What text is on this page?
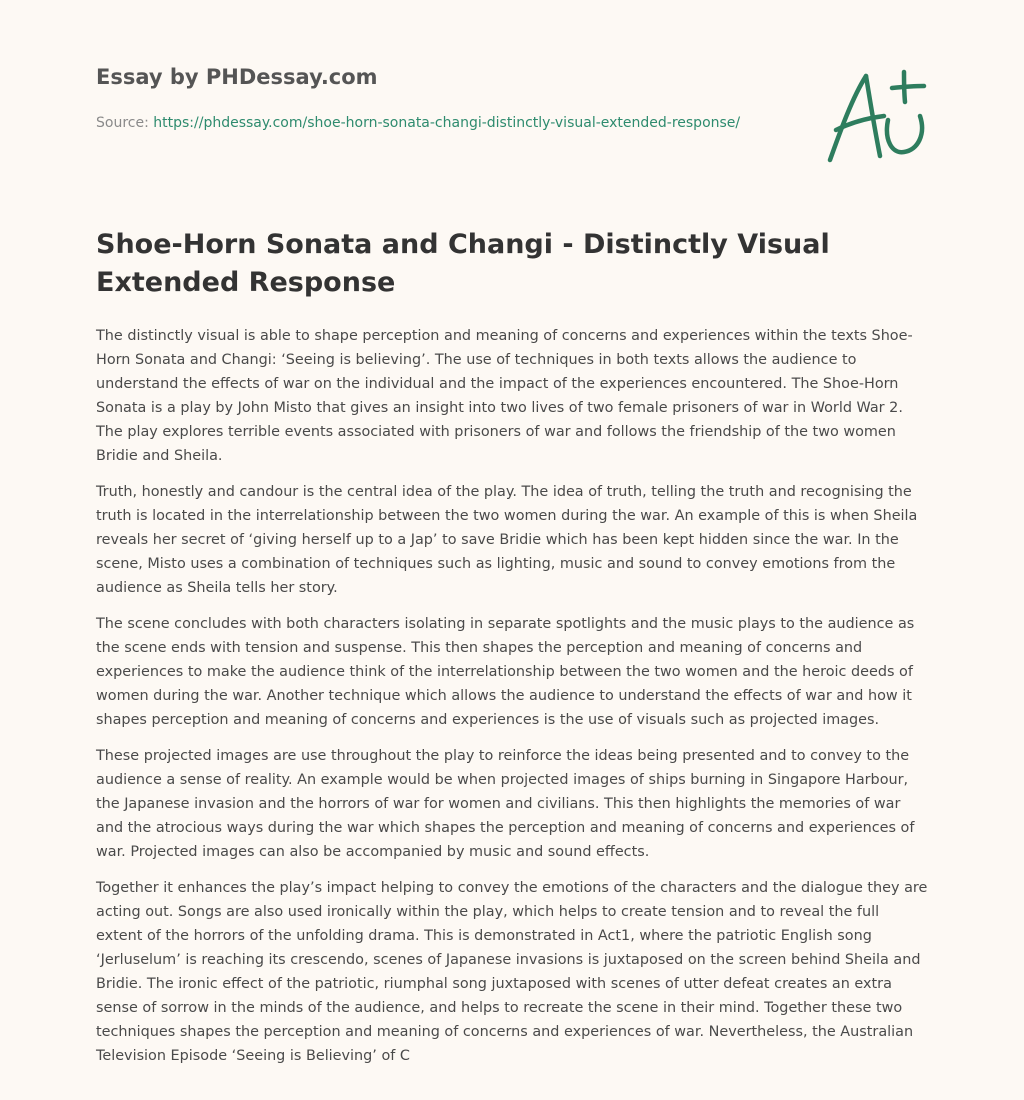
Essay by PHDessay.com
Source: https://phdessay.com/shoe-horn-sonata-changi-distinctly-visual-extended-response/
Shoe-Horn Sonata and Changi - Distinctly Visual Extended Response

The distinctly visual is able to shape perception and meaning of concerns and experiences within the texts Shoe-Horn Sonata and Changi: ‘Seeing is believing’. The use of techniques in both texts allows the audience to understand the effects of war on the individual and the impact of the experiences encountered. The Shoe-Horn Sonata is a play by John Misto that gives an insight into two lives of two female prisoners of war in World War 2. The play explores terrible events associated with prisoners of war and follows the friendship of the two women Bridie and Sheila.

Truth, honestly and candour is the central idea of the play. The idea of truth, telling the truth and recognising the truth is located in the interrelationship between the two women during the war. An example of this is when Sheila reveals her secret of ‘giving herself up to a Jap’ to save Bridie which has been kept hidden since the war. In the scene, Misto uses a combination of techniques such as lighting, music and sound to convey emotions from the audience as Sheila tells her story.

The scene concludes with both characters isolating in separate spotlights and the music plays to the audience as the scene ends with tension and suspense. This then shapes the perception and meaning of concerns and experiences to make the audience think of the interrelationship between the two women and the heroic deeds of women during the war. Another technique which allows the audience to understand the effects of war and how it shapes perception and meaning of concerns and experiences is the use of visuals such as projected images.

These projected images are use throughout the play to reinforce the ideas being presented and to convey to the audience a sense of reality. An example would be when projected images of ships burning in Singapore Harbour, the Japanese invasion and the horrors of war for women and civilians. This then highlights the memories of war and the atrocious ways during the war which shapes the perception and meaning of concerns and experiences of war. Projected images can also be accompanied by music and sound effects.

Together it enhances the play’s impact helping to convey the emotions of the characters and the dialogue they are acting out. Songs are also used ironically within the play, which helps to create tension and to reveal the full extent of the horrors of the unfolding drama. This is demonstrated in Act1, where the patriotic English song ‘Jerluselum’ is reaching its crescendo, scenes of Japanese invasions is juxtaposed on the screen behind Sheila and Bridie. The ironic effect of the patriotic, riumphal song juxtaposed with scenes of utter defeat creates an extra sense of sorrow in the minds of the audience, and helps to recreate the scene in their mind. Together these two techniques shapes the perception and meaning of concerns and experiences of war. Nevertheless, the Australian Television Episode ‘Seeing is Believing’ of C
